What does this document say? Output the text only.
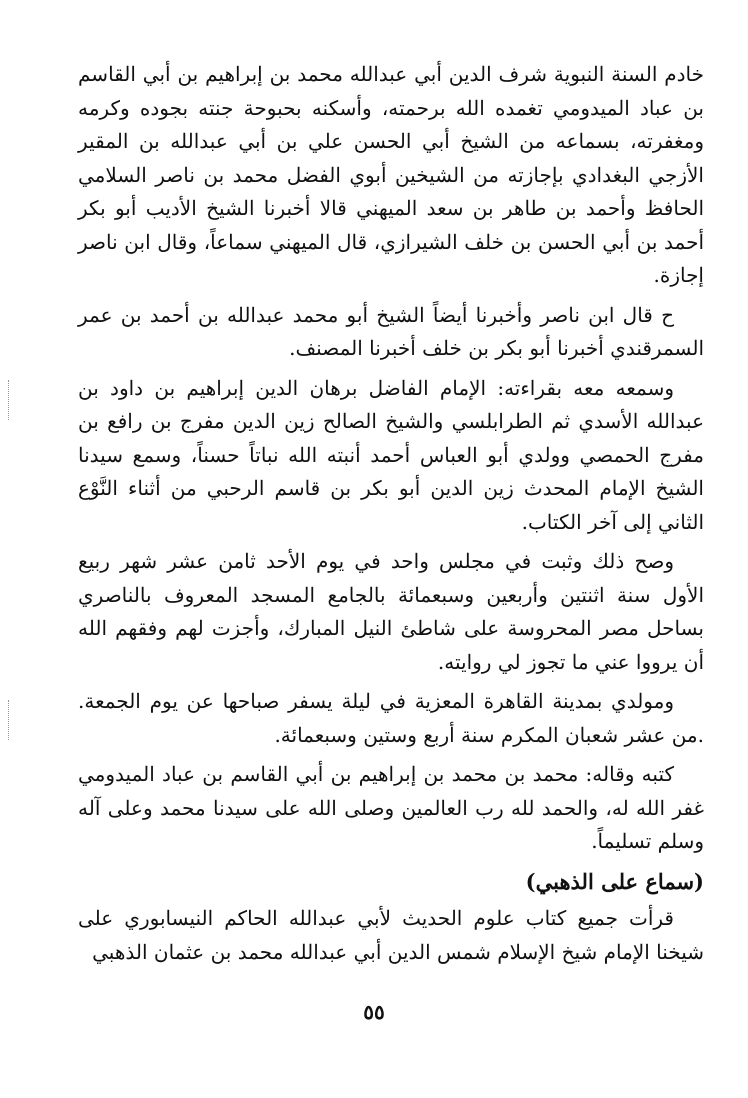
خادم السنة النبوية شرف الدين أبي عبدالله محمد بن إبراهيم بن أبي القاسم بن عباد الميدومي تغمده الله برحمته، وأسكنه بحبوحة جنته بجوده وكرمه ومغفرته، بسماعه من الشيخ أبي الحسن علي بن أبي عبدالله بن المقير الأزجي البغدادي بإجازته من الشيخين أبوي الفضل محمد بن ناصر السلامي الحافظ وأحمد بن طاهر بن سعد الميهني قالا أخبرنا الشيخ الأديب أبو بكر أحمد بن أبي الحسن بن خلف الشيرازي، قال الميهني سماعاً، وقال ابن ناصر إجازة.

ح قال ابن ناصر وأخبرنا أيضاً الشيخ أبو محمد عبدالله بن أحمد بن عمر السمرقندي أخبرنا أبو بكر بن خلف أخبرنا المصنف.

وسمعه معه بقراءته: الإمام الفاضل برهان الدين إبراهيم بن داود بن عبدالله الأسدي ثم الطرابلسي والشيخ الصالح زين الدين مفرج بن رافع بن مفرج الحمصي وولدي أبو العباس أحمد أنبته الله نباتاً حسناً، وسمع سيدنا الشيخ الإمام المحدث زين الدين أبو بكر بن قاسم الرحبي من أثناء النَّوْع الثاني إلى آخر الكتاب.

وصح ذلك وثبت في مجلس واحد في يوم الأحد ثامن عشر شهر ربيع الأول سنة اثنتين وأربعين وسبعمائة بالجامع المسجد المعروف بالناصري بساحل مصر المحروسة على شاطئ النيل المبارك، وأجزت لهم وفقهم الله أن يرووا عني ما تجوز لي روايته.

ومولدي بمدينة القاهرة المعزية في ليلة يسفر صباحها عن يوم الجمعة. .من عشر شعبان المكرم سنة أربع وستين وسبعمائة.

كتبه وقاله: محمد بن محمد بن إبراهيم بن أبي القاسم بن عباد الميدومي غفر الله له، والحمد لله رب العالمين وصلى الله على سيدنا محمد وعلى آله وسلم تسليماً.

(سماع على الذهبي)

قرأت جميع كتاب علوم الحديث لأبي عبدالله الحاكم النيسابوري على شيخنا الإمام شيخ الإسلام شمس الدين أبي عبدالله محمد بن عثمان الذهبي

٥٥
